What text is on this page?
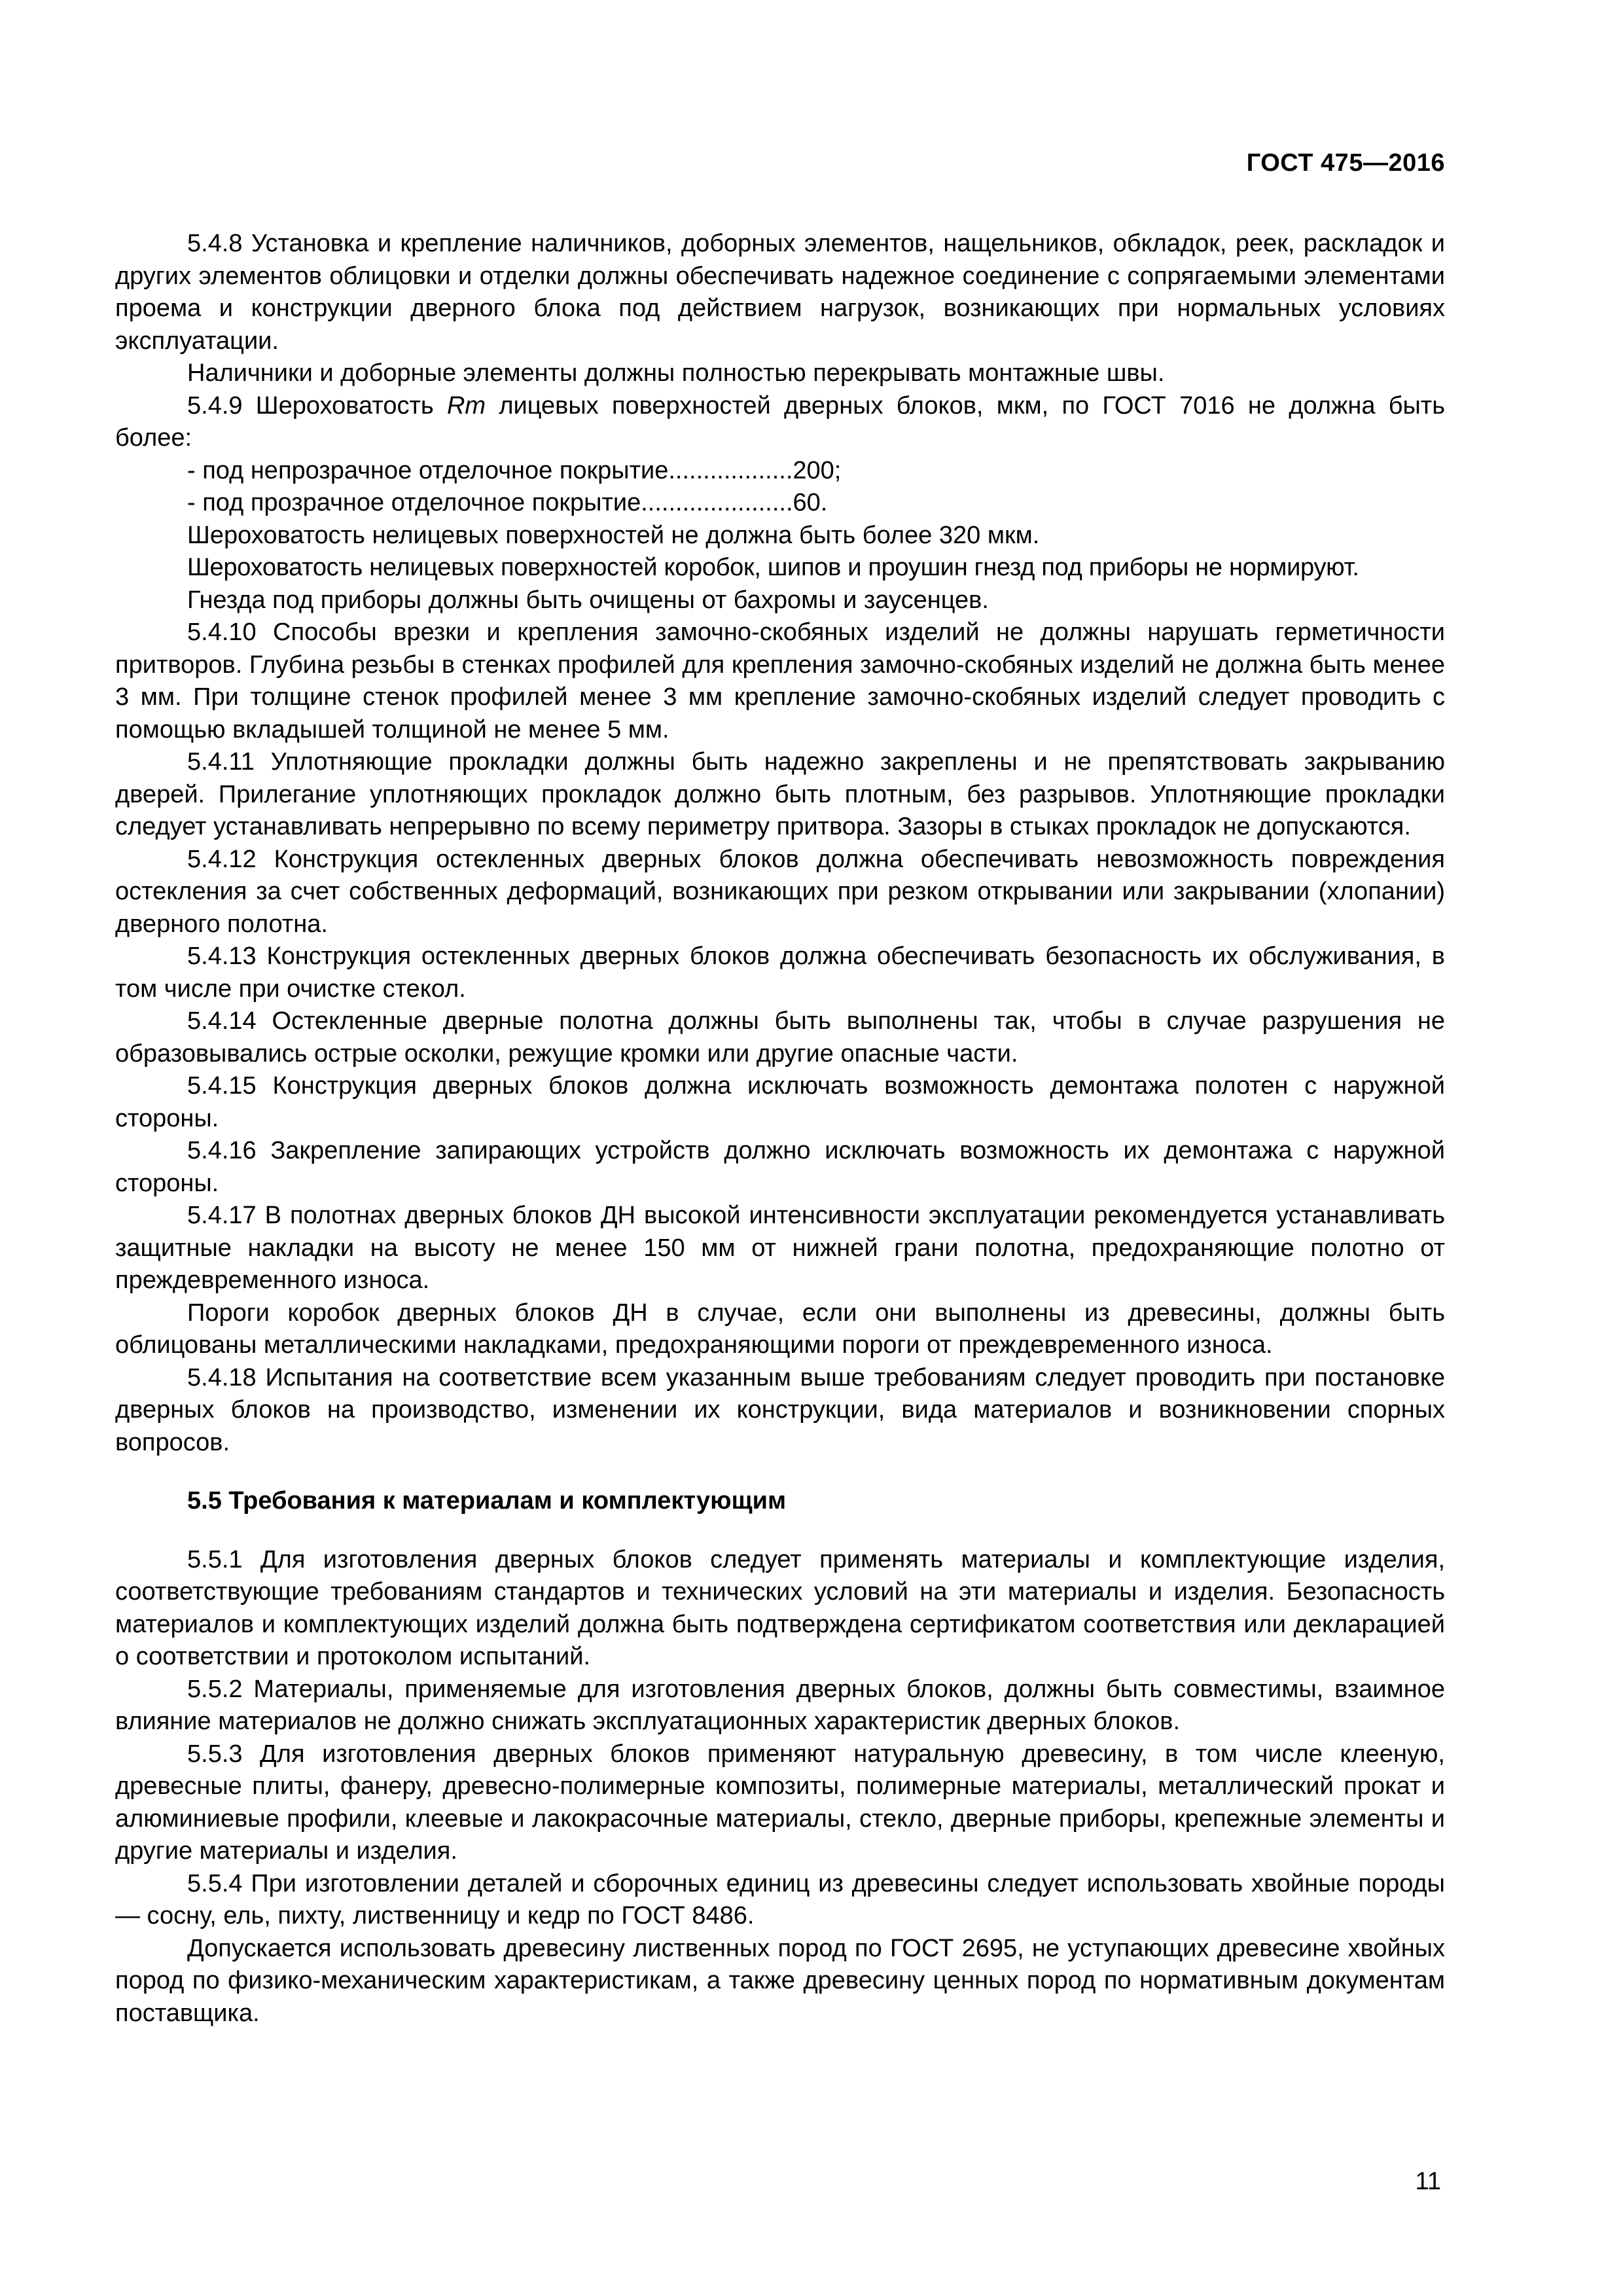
ГОСТ 475—2016

5.4.8 Установка и крепление наличников, доборных элементов, нащельников, обкладок, реек, раскладок и других элементов облицовки и отделки должны обеспечивать надежное соединение с сопрягаемыми элементами проема и конструкции дверного блока под действием нагрузок, возникающих при нормальных условиях эксплуатации.

Наличники и доборные элементы должны полностью перекрывать монтажные швы.

5.4.9 Шероховатость Rm лицевых поверхностей дверных блоков, мкм, по ГОСТ 7016 не должна быть более:

- под непрозрачное отделочное покрытие..................200;

- под прозрачное отделочное покрытие......................60.

Шероховатость нелицевых поверхностей не должна быть более 320 мкм.

Шероховатость нелицевых поверхностей коробок, шипов и проушин гнезд под приборы не нормируют.

Гнезда под приборы должны быть очищены от бахромы и заусенцев.

5.4.10 Способы врезки и крепления замочно-скобяных изделий не должны нарушать герметичности притворов. Глубина резьбы в стенках профилей для крепления замочно-скобяных изделий не должна быть менее 3 мм. При толщине стенок профилей менее 3 мм крепление замочно-скобяных изделий следует проводить с помощью вкладышей толщиной не менее 5 мм.

5.4.11 Уплотняющие прокладки должны быть надежно закреплены и не препятствовать закрыванию дверей. Прилегание уплотняющих прокладок должно быть плотным, без разрывов. Уплотняющие прокладки следует устанавливать непрерывно по всему периметру притвора. Зазоры в стыках прокладок не допускаются.

5.4.12 Конструкция остекленных дверных блоков должна обеспечивать невозможность повреждения остекления за счет собственных деформаций, возникающих при резком открывании или закрывании (хлопании) дверного полотна.

5.4.13 Конструкция остекленных дверных блоков должна обеспечивать безопасность их обслуживания, в том числе при очистке стекол.

5.4.14 Остекленные дверные полотна должны быть выполнены так, чтобы в случае разрушения не образовывались острые осколки, режущие кромки или другие опасные части.

5.4.15 Конструкция дверных блоков должна исключать возможность демонтажа полотен с наружной стороны.

5.4.16 Закрепление запирающих устройств должно исключать возможность их демонтажа с наружной стороны.

5.4.17 В полотнах дверных блоков ДН высокой интенсивности эксплуатации рекомендуется устанавливать защитные накладки на высоту не менее 150 мм от нижней грани полотна, предохраняющие полотно от преждевременного износа.

Пороги коробок дверных блоков ДН в случае, если они выполнены из древесины, должны быть облицованы металлическими накладками, предохраняющими пороги от преждевременного износа.

5.4.18 Испытания на соответствие всем указанным выше требованиям следует проводить при постановке дверных блоков на производство, изменении их конструкции, вида материалов и возникновении спорных вопросов.

5.5 Требования к материалам и комплектующим

5.5.1 Для изготовления дверных блоков следует применять материалы и комплектующие изделия, соответствующие требованиям стандартов и технических условий на эти материалы и изделия. Безопасность материалов и комплектующих изделий должна быть подтверждена сертификатом соответствия или декларацией о соответствии и протоколом испытаний.

5.5.2 Материалы, применяемые для изготовления дверных блоков, должны быть совместимы, взаимное влияние материалов не должно снижать эксплуатационных характеристик дверных блоков.

5.5.3 Для изготовления дверных блоков применяют натуральную древесину, в том числе клееную, древесные плиты, фанеру, древесно-полимерные композиты, полимерные материалы, металлический прокат и алюминиевые профили, клеевые и лакокрасочные материалы, стекло, дверные приборы, крепежные элементы и другие материалы и изделия.

5.5.4 При изготовлении деталей и сборочных единиц из древесины следует использовать хвойные породы — сосну, ель, пихту, лиственницу и кедр по ГОСТ 8486.

Допускается использовать древесину лиственных пород по ГОСТ 2695, не уступающих древесине хвойных пород по физико-механическим характеристикам, а также древесину ценных пород по нормативным документам поставщика.

11
